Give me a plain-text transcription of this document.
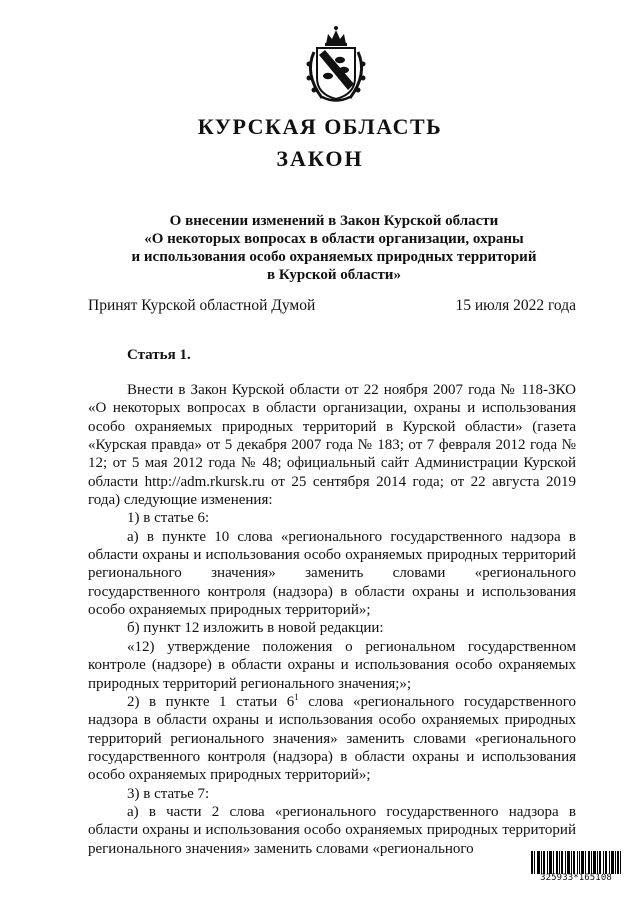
КУРСКАЯ ОБЛАСТЬ
ЗАКОН
О внесении изменений в Закон Курской области
«О некоторых вопросах в области организации, охраны
и использования особо охраняемых природных территорий
в Курской области»
Принят Курской областной Думой	15 июля 2022 года
Статья 1.

Внести в Закон Курской области от 22 ноября 2007 года № 118-ЗКО «О некоторых вопросах в области организации, охраны и использования особо охраняемых природных территорий в Курской области» (газета «Курская правда» от 5 декабря 2007 года № 183; от 7 февраля 2012 года № 12; от 5 мая 2012 года № 48; официальный сайт Администрации Курской области http://adm.rkursk.ru от 25 сентября 2014 года; от 22 августа 2019 года) следующие изменения:

1) в статье 6:

а) в пункте 10 слова «регионального государственного надзора в области охраны и использования особо охраняемых природных территорий регионального значения» заменить словами «регионального государственного контроля (надзора) в области охраны и использования особо охраняемых природных территорий»;

б) пункт 12 изложить в новой редакции:

«12) утверждение положения о региональном государственном контроле (надзоре) в области охраны и использования особо охраняемых природных территорий регионального значения;»;

2) в пункте 1 статьи $6^1$ слова «регионального государственного надзора в области охраны и использования особо охраняемых природных территорий регионального значения» заменить словами «регионального государственного контроля (надзора) в области охраны и использования особо охраняемых природных территорий»;

3) в статье 7:

а) в части 2 слова «регионального государственного надзора в области охраны и использования особо охраняемых природных территорий регионального значения» заменить словами «регионального

325933*165108
